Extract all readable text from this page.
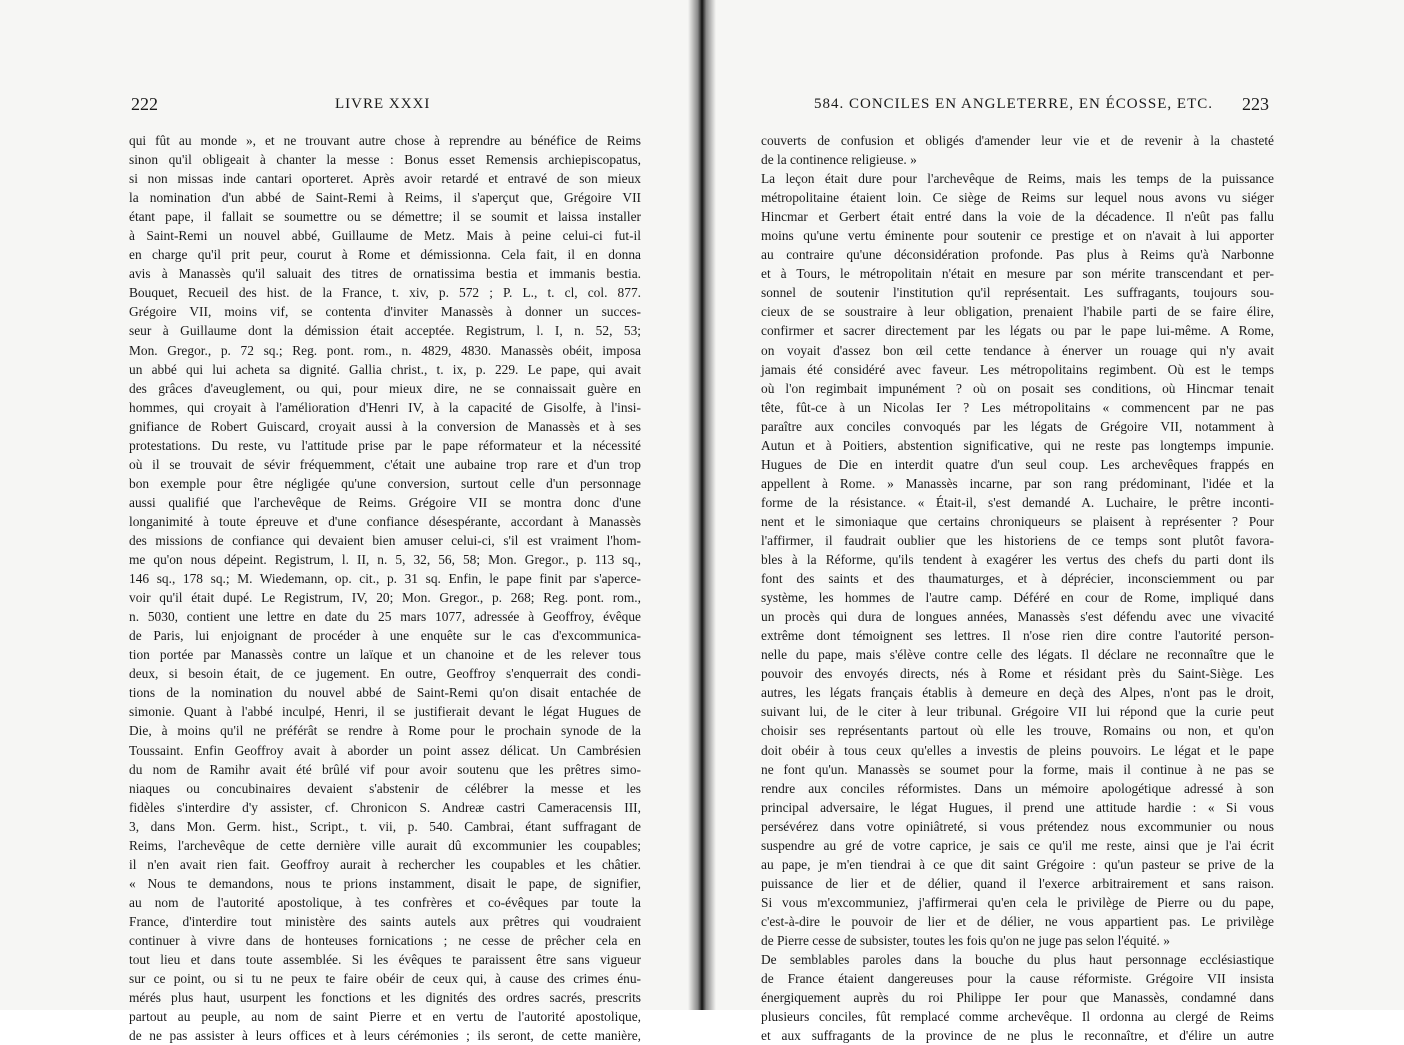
222	LIVRE XXXI
qui fût au monde », et ne trouvant autre chose à reprendre au bénéfice de Reims
sinon qu'il obligeait à chanter la messe : Bonus esset Remensis archiepiscopatus,
si non missas inde cantari oporteret. Après avoir retardé et entravé de son mieux
la nomination d'un abbé de Saint-Remi à Reims, il s'aperçut que, Grégoire VII
étant pape, il fallait se soumettre ou se démettre; il se soumit et laissa installer
à Saint-Remi un nouvel abbé, Guillaume de Metz. Mais à peine celui-ci fut-il
en charge qu'il prit peur, courut à Rome et démissionna. Cela fait, il en donna
avis à Manassès qu'il saluait des titres de ornatissima bestia et immanis bestia.
Bouquet, Recueil des hist. de la France, t. xiv, p. 572 ; P. L., t. cl, col. 877.
Grégoire VII, moins vif, se contenta d'inviter Manassès à donner un succes-
seur à Guillaume dont la démission était acceptée. Registrum, l. I, n. 52, 53;
Mon. Gregor., p. 72 sq.; Reg. pont. rom., n. 4829, 4830. Manassès obéit, imposa
un abbé qui lui acheta sa dignité. Gallia christ., t. ix, p. 229. Le pape, qui avait
des grâces d'aveuglement, ou qui, pour mieux dire, ne se connaissait guère en
hommes, qui croyait à l'amélioration d'Henri IV, à la capacité de Gisolfe, à l'insi-
gnifiance de Robert Guiscard, croyait aussi à la conversion de Manassès et à ses
protestations. Du reste, vu l'attitude prise par le pape réformateur et la nécessité
où il se trouvait de sévir fréquemment, c'était une aubaine trop rare et d'un trop
bon exemple pour être négligée qu'une conversion, surtout celle d'un personnage
aussi qualifié que l'archevêque de Reims. Grégoire VII se montra donc d'une
longanimité à toute épreuve et d'une confiance désespérante, accordant à Manassès
des missions de confiance qui devaient bien amuser celui-ci, s'il est vraiment l'hom-
me qu'on nous dépeint. Registrum, l. II, n. 5, 32, 56, 58; Mon. Gregor., p. 113 sq.,
146 sq., 178 sq.; M. Wiedemann, op. cit., p. 31 sq. Enfin, le pape finit par s'aperce-
voir qu'il était dupé. Le Registrum, IV, 20; Mon. Gregor., p. 268; Reg. pont. rom.,
n. 5030, contient une lettre en date du 25 mars 1077, adressée à Geoffroy, évêque
de Paris, lui enjoignant de procéder à une enquête sur le cas d'excommunica-
tion portée par Manassès contre un laïque et un chanoine et de les relever tous
deux, si besoin était, de ce jugement. En outre, Geoffroy s'enquerrait des condi-
tions de la nomination du nouvel abbé de Saint-Remi qu'on disait entachée de
simonie. Quant à l'abbé inculpé, Henri, il se justifierait devant le légat Hugues de
Die, à moins qu'il ne préférât se rendre à Rome pour le prochain synode de la
Toussaint. Enfin Geoffroy avait à aborder un point assez délicat. Un Cambrésien
du nom de Ramihr avait été brûlé vif pour avoir soutenu que les prêtres simo-
niaques ou concubinaires devaient s'abstenir de célébrer la messe et les
fidèles s'interdire d'y assister, cf. Chronicon S. Andreæ castri Cameracensis III,
3, dans Mon. Germ. hist., Script., t. vii, p. 540. Cambrai, étant suffragant de
Reims, l'archevêque de cette dernière ville aurait dû excommunier les coupables;
il n'en avait rien fait. Geoffroy aurait à rechercher les coupables et les châtier.
« Nous te demandons, nous te prions instamment, disait le pape, de signifier,
au nom de l'autorité apostolique, à tes confrères et co-évêques par toute la
France, d'interdire tout ministère des saints autels aux prêtres qui voudraient
continuer à vivre dans de honteuses fornications ; ne cesse de prêcher cela en
tout lieu et dans toute assemblée. Si les évêques te paraissent être sans vigueur
sur ce point, ou si tu ne peux te faire obéir de ceux qui, à cause des crimes énu-
mérés plus haut, usurpent les fonctions et les dignités des ordres sacrés, prescrits
partout au peuple, au nom de saint Pierre et en vertu de l'autorité apostolique,
de ne pas assister à leurs offices et à leurs cérémonies ; ils seront, de cette manière,
584. CONCILES EN ANGLETERRE, EN ÉCOSSE, ETC. 223
couverts de confusion et obligés d'amender leur vie et de revenir à la chasteté
de la continence religieuse. »
La leçon était dure pour l'archevêque de Reims, mais les temps de la puissance
métropolitaine étaient loin. Ce siège de Reims sur lequel nous avons vu siéger
Hincmar et Gerbert était entré dans la voie de la décadence. Il n'eût pas fallu
moins qu'une vertu éminente pour soutenir ce prestige et on n'avait à lui apporter
au contraire qu'une déconsidération profonde. Pas plus à Reims qu'à Narbonne
et à Tours, le métropolitain n'était en mesure par son mérite transcendant et per-
sonnel de soutenir l'institution qu'il représentait. Les suffragants, toujours sou-
cieux de se soustraire à leur obligation, prenaient l'habile parti de se faire élire,
confirmer et sacrer directement par les légats ou par le pape lui-même. A Rome,
on voyait d'assez bon œil cette tendance à énerver un rouage qui n'y avait
jamais été considéré avec faveur. Les métropolitains regimbent. Où est le temps
où l'on regimbait impunément ? où on posait ses conditions, où Hincmar tenait
tête, fût-ce à un Nicolas Ier ? Les métropolitains « commencent par ne pas
paraître aux conciles convoqués par les légats de Grégoire VII, notamment à
Autun et à Poitiers, abstention significative, qui ne reste pas longtemps impunie.
Hugues de Die en interdit quatre d'un seul coup. Les archevêques frappés en
appellent à Rome. » Manassès incarne, par son rang prédominant, l'idée et la
forme de la résistance. « Était-il, s'est demandé A. Luchaire, le prêtre inconti-
nent et le simoniaque que certains chroniqueurs se plaisent à représenter ? Pour
l'affirmer, il faudrait oublier que les historiens de ce temps sont plutôt favora-
bles à la Réforme, qu'ils tendent à exagérer les vertus des chefs du parti dont ils
font des saints et des thaumaturges, et à déprécier, inconsciemment ou par
système, les hommes de l'autre camp. Déféré en cour de Rome, impliqué dans
un procès qui dura de longues années, Manassès s'est défendu avec une vivacité
extrême dont témoignent ses lettres. Il n'ose rien dire contre l'autorité person-
nelle du pape, mais s'élève contre celle des légats. Il déclare ne reconnaître que le
pouvoir des envoyés directs, nés à Rome et résidant près du Saint-Siège. Les
autres, les légats français établis à demeure en deçà des Alpes, n'ont pas le droit,
suivant lui, de le citer à leur tribunal. Grégoire VII lui répond que la curie peut
choisir ses représentants partout où elle les trouve, Romains ou non, et qu'on
doit obéir à tous ceux qu'elles a investis de pleins pouvoirs. Le légat et le pape
ne font qu'un. Manassès se soumet pour la forme, mais il continue à ne pas se
rendre aux conciles réformistes. Dans un mémoire apologétique adressé à son
principal adversaire, le légat Hugues, il prend une attitude hardie : « Si vous
persévérez dans votre opiniâtreté, si vous prétendez nous excommunier ou nous
suspendre au gré de votre caprice, je sais ce qu'il me reste, ainsi que je l'ai écrit
au pape, je m'en tiendrai à ce que dit saint Grégoire : qu'un pasteur se prive de la
puissance de lier et de délier, quand il l'exerce arbitrairement et sans raison.
Si vous m'excommuniez, j'affirmerai qu'en cela le privilège de Pierre ou du pape,
c'est-à-dire le pouvoir de lier et de délier, ne vous appartient pas. Le privilège
de Pierre cesse de subsister, toutes les fois qu'on ne juge pas selon l'équité. »
De semblables paroles dans la bouche du plus haut personnage ecclésiastique
de France étaient dangereuses pour la cause réformiste. Grégoire VII insista
énergiquement auprès du roi Philippe Ier pour que Manassès, condamné dans
plusieurs conciles, fût remplacé comme archevêque. Il ordonna au clergé de Reims
et aux suffragants de la province de ne plus le reconnaître, et d'élire un autre
